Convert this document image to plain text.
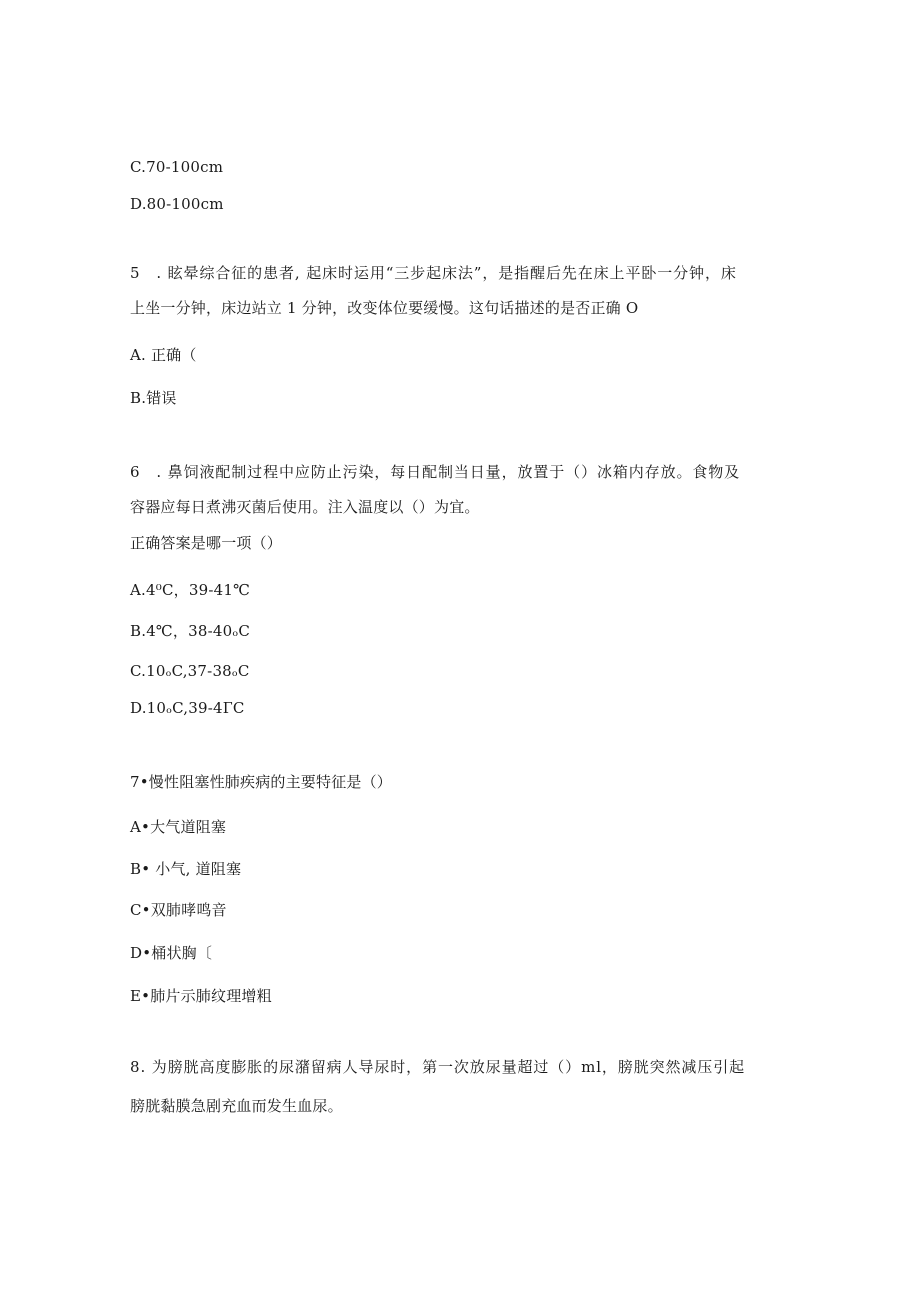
C.70-100cm
D.80-100cm
5　. 眩晕综合征的患者, 起床时运用“三步起床法”，是指醒后先在床上平卧一分钟，床
上坐一分钟，床边站立 1 分钟，改变体位要缓慢。这句话描述的是否正确 O
A. 正确（
B.错误
6　. 鼻饲液配制过程中应防止污染，每日配制当日量，放置于（）冰箱内存放。食物及
容器应每日煮沸灭菌后使用。注入温度以（）为宜。
正确答案是哪一项（）
A.4⁰C，39-41℃
B.4℃，38-40ₒC
C.10ₒC,37-38ₒC
D.10ₒC,39-4ГC
7•慢性阻塞性肺疾病的主要特征是（）
A•大气道阻塞
B• 小气, 道阻塞
C•双肺哮鸣音
D•桶状胸〔
E•肺片示肺纹理增粗
8. 为膀胱高度膨胀的尿潴留病人导尿时，第一次放尿量超过（）ml，膀胱突然减压引起
膀胱黏膜急剧充血而发生血尿。
